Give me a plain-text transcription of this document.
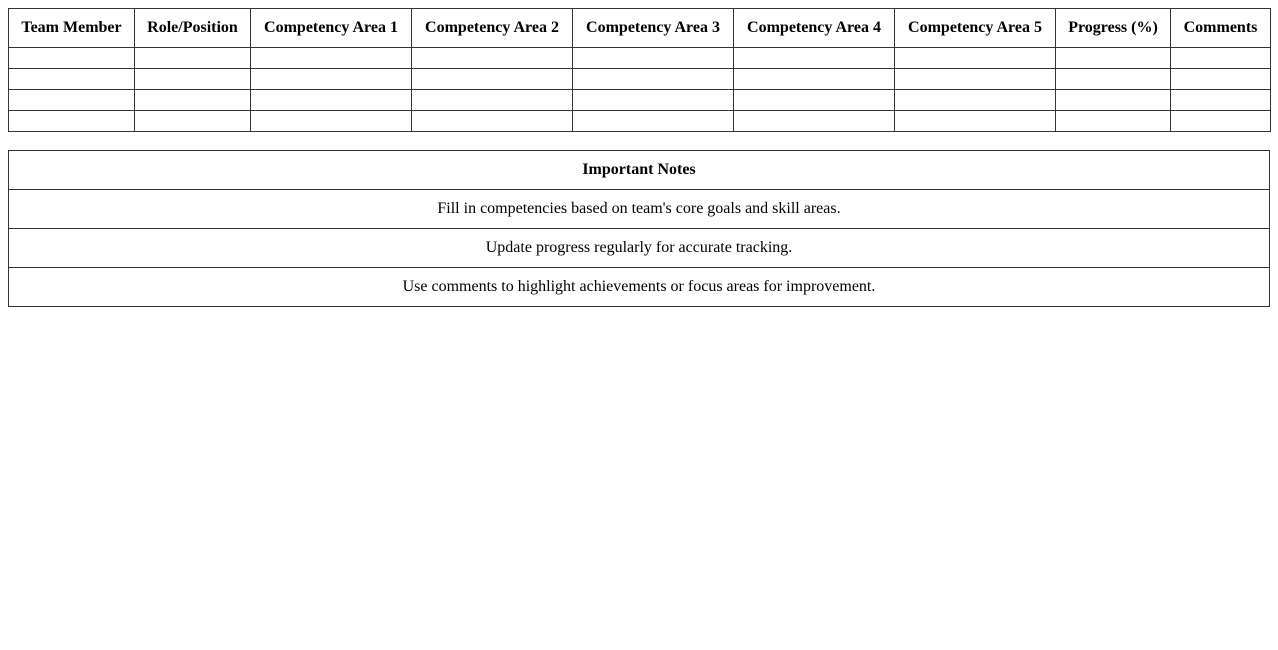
Team Member	Role/Position	Competency Area 1	Competency Area 2	Competency Area 3	Competency Area 4	Competency Area 5	Progress (%)	Comments

Important Notes
Fill in competencies based on team's core goals and skill areas.
Update progress regularly for accurate tracking.
Use comments to highlight achievements or focus areas for improvement.
